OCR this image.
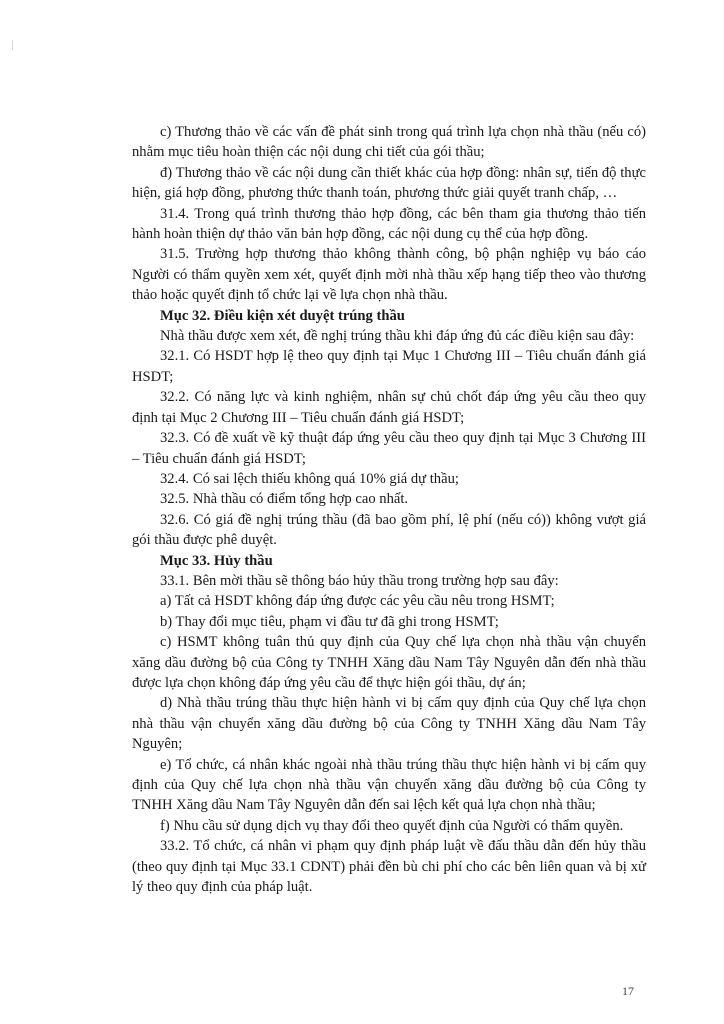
c) Thương thảo về các vấn đề phát sinh trong quá trình lựa chọn nhà thầu (nếu có) nhằm mục tiêu hoàn thiện các nội dung chi tiết của gói thầu;

đ) Thương thảo về các nội dung cần thiết khác của hợp đồng: nhân sự, tiến độ thực hiện, giá hợp đồng, phương thức thanh toán, phương thức giải quyết tranh chấp, …

31.4. Trong quá trình thương thảo hợp đồng, các bên tham gia thương thảo tiến hành hoàn thiện dự thảo văn bản hợp đồng, các nội dung cụ thể của hợp đồng.

31.5. Trường hợp thương thảo không thành công, bộ phận nghiệp vụ báo cáo Người có thẩm quyền xem xét, quyết định mời nhà thầu xếp hạng tiếp theo vào thương thảo hoặc quyết định tổ chức lại về lựa chọn nhà thầu.

Mục 32. Điều kiện xét duyệt trúng thầu

Nhà thầu được xem xét, đề nghị trúng thầu khi đáp ứng đủ các điều kiện sau đây:

32.1. Có HSDT hợp lệ theo quy định tại Mục 1 Chương III – Tiêu chuẩn đánh giá HSDT;

32.2. Có năng lực và kinh nghiệm, nhân sự chủ chốt đáp ứng yêu cầu theo quy định tại Mục 2 Chương III – Tiêu chuẩn đánh giá HSDT;

32.3. Có đề xuất về kỹ thuật đáp ứng yêu cầu theo quy định tại Mục 3 Chương III – Tiêu chuẩn đánh giá HSDT;

32.4. Có sai lệch thiếu không quá 10% giá dự thầu;

32.5. Nhà thầu có điểm tổng hợp cao nhất.

32.6. Có giá đề nghị trúng thầu (đã bao gồm phí, lệ phí (nếu có)) không vượt giá gói thầu được phê duyệt.

Mục 33. Hủy thầu

33.1. Bên mời thầu sẽ thông báo hủy thầu trong trường hợp sau đây:

a) Tất cả HSDT không đáp ứng được các yêu cầu nêu trong HSMT;

b) Thay đổi mục tiêu, phạm vi đầu tư đã ghi trong HSMT;

c) HSMT không tuân thủ quy định của Quy chế lựa chọn nhà thầu vận chuyển xăng dầu đường bộ của Công ty TNHH Xăng dầu Nam Tây Nguyên dẫn đến nhà thầu được lựa chọn không đáp ứng yêu cầu để thực hiện gói thầu, dự án;

d) Nhà thầu trúng thầu thực hiện hành vi bị cấm quy định của Quy chế lựa chọn nhà thầu vận chuyển xăng dầu đường bộ của Công ty TNHH Xăng dầu Nam Tây Nguyên;

e) Tổ chức, cá nhân khác ngoài nhà thầu trúng thầu thực hiện hành vi bị cấm quy định của Quy chế lựa chọn nhà thầu vận chuyển xăng dầu đường bộ của Công ty TNHH Xăng dầu Nam Tây Nguyên dẫn đến sai lệch kết quả lựa chọn nhà thầu;

f) Nhu cầu sử dụng dịch vụ thay đổi theo quyết định của Người có thẩm quyền.

33.2. Tổ chức, cá nhân vi phạm quy định pháp luật về đấu thầu dẫn đến hủy thầu (theo quy định tại Mục 33.1 CDNT) phải đền bù chi phí cho các bên liên quan và bị xử lý theo quy định của pháp luật.

17
